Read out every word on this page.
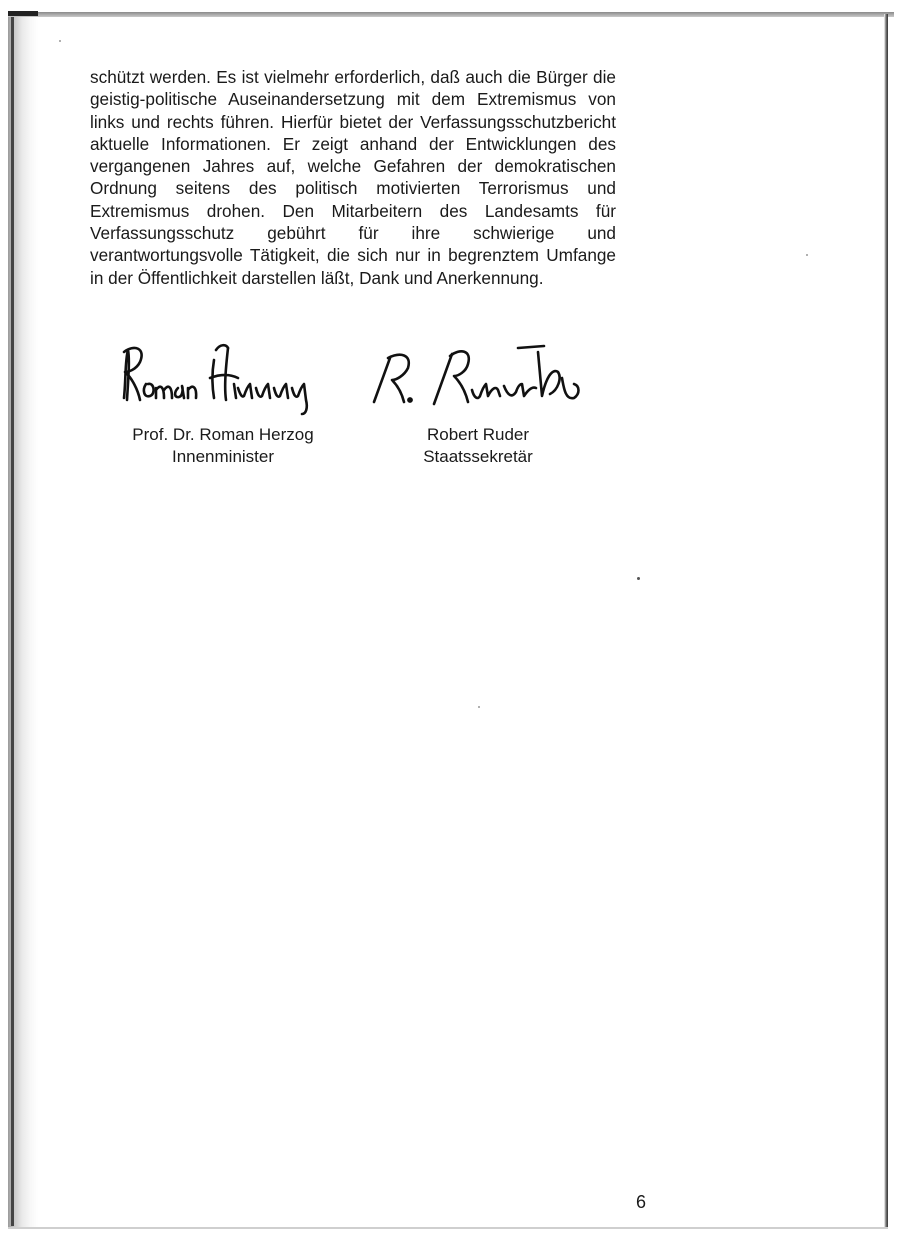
schützt werden. Es ist vielmehr erforderlich, daß auch die Bürger die geistig-politische Auseinandersetzung mit dem Extremismus von links und rechts führen. Hierfür bietet der Verfassungsschutzbericht aktuelle Informationen. Er zeigt anhand der Entwicklungen des vergangenen Jahres auf, welche Gefahren der demokratischen Ordnung seitens des politisch motivierten Terrorismus und Extremismus drohen. Den Mitarbeitern des Landesamts für Verfassungsschutz gebührt für ihre schwierige und verantwortungsvolle Tätigkeit, die sich nur in begrenztem Umfange in der Öffentlichkeit darstellen läßt, Dank und Anerkennung.

Prof. Dr. Roman Herzog
Innenminister
Robert Ruder
Staatssekretär
6
